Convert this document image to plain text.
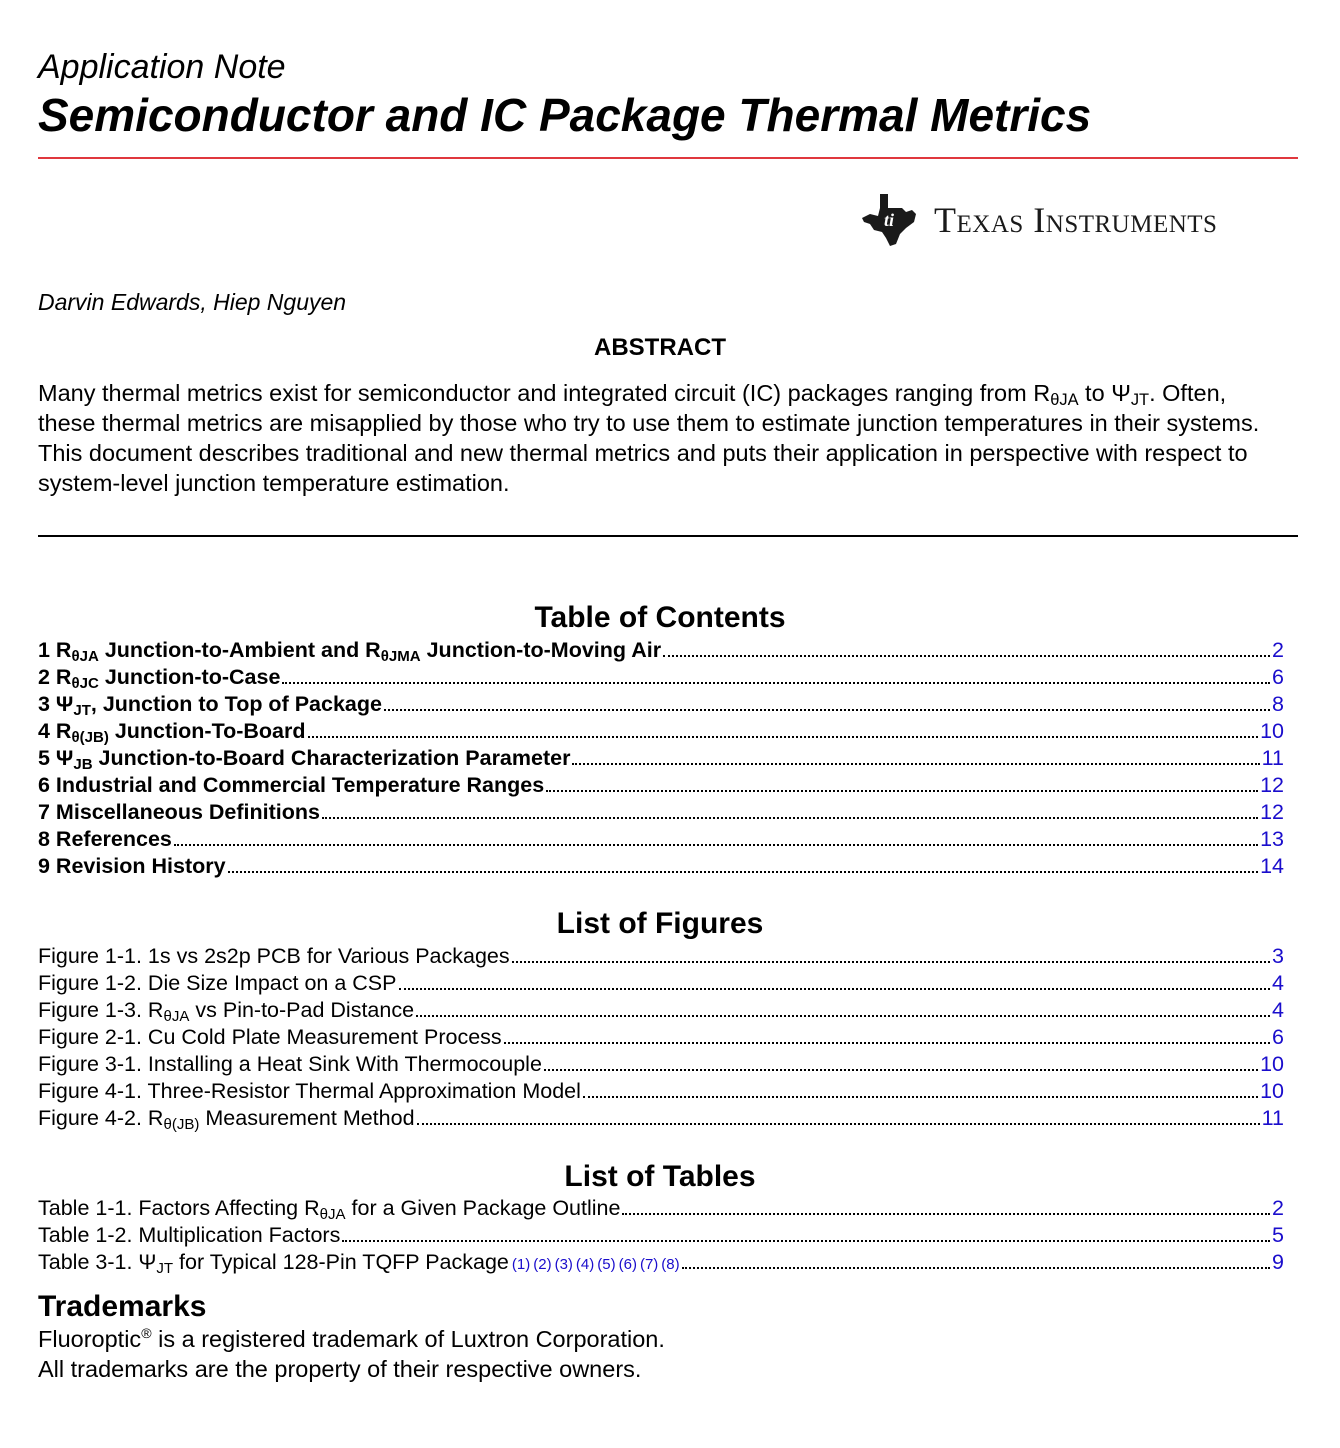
Application Note
Semiconductor and IC Package Thermal Metrics
ti Texas Instruments
Darvin Edwards, Hiep Nguyen
ABSTRACT
Many thermal metrics exist for semiconductor and integrated circuit (IC) packages ranging from $R_{\theta JA}$ to $\Psi_{JT}$. Often, these thermal metrics are misapplied by those who try to use them to estimate junction temperatures in their systems. This document describes traditional and new thermal metrics and puts their application in perspective with respect to system-level junction temperature estimation.
Table of Contents
1 $R_{\theta JA}$ Junction-to-Ambient and $R_{\theta JMA}$ Junction-to-Moving Air	2
2 $R_{\theta JC}$ Junction-to-Case	6
3 $\Psi_{JT}$, Junction to Top of Package	8
4 $R_{\theta(JB)}$ Junction-To-Board	10
5 $\Psi_{JB}$ Junction-to-Board Characterization Parameter	11
6 Industrial and Commercial Temperature Ranges	12
7 Miscellaneous Definitions	12
8 References	13
9 Revision History	14
List of Figures
Figure 1-1. 1s vs 2s2p PCB for Various Packages	3
Figure 1-2. Die Size Impact on a CSP	4
Figure 1-3. $R_{\theta JA}$ vs Pin-to-Pad Distance	4
Figure 2-1. Cu Cold Plate Measurement Process	6
Figure 3-1. Installing a Heat Sink With Thermocouple	10
Figure 4-1. Three-Resistor Thermal Approximation Model	10
Figure 4-2. $R_{\theta(JB)}$ Measurement Method	11
List of Tables
Table 1-1. Factors Affecting $R_{\theta JA}$ for a Given Package Outline	2
Table 1-2. Multiplication Factors	5
Table 3-1. $\Psi_{JT}$ for Typical 128-Pin TQFP Package (1) (2) (3) (4) (5) (6) (7) (8)	9
Trademarks
Fluoroptic® is a registered trademark of Luxtron Corporation.
All trademarks are the property of their respective owners.
